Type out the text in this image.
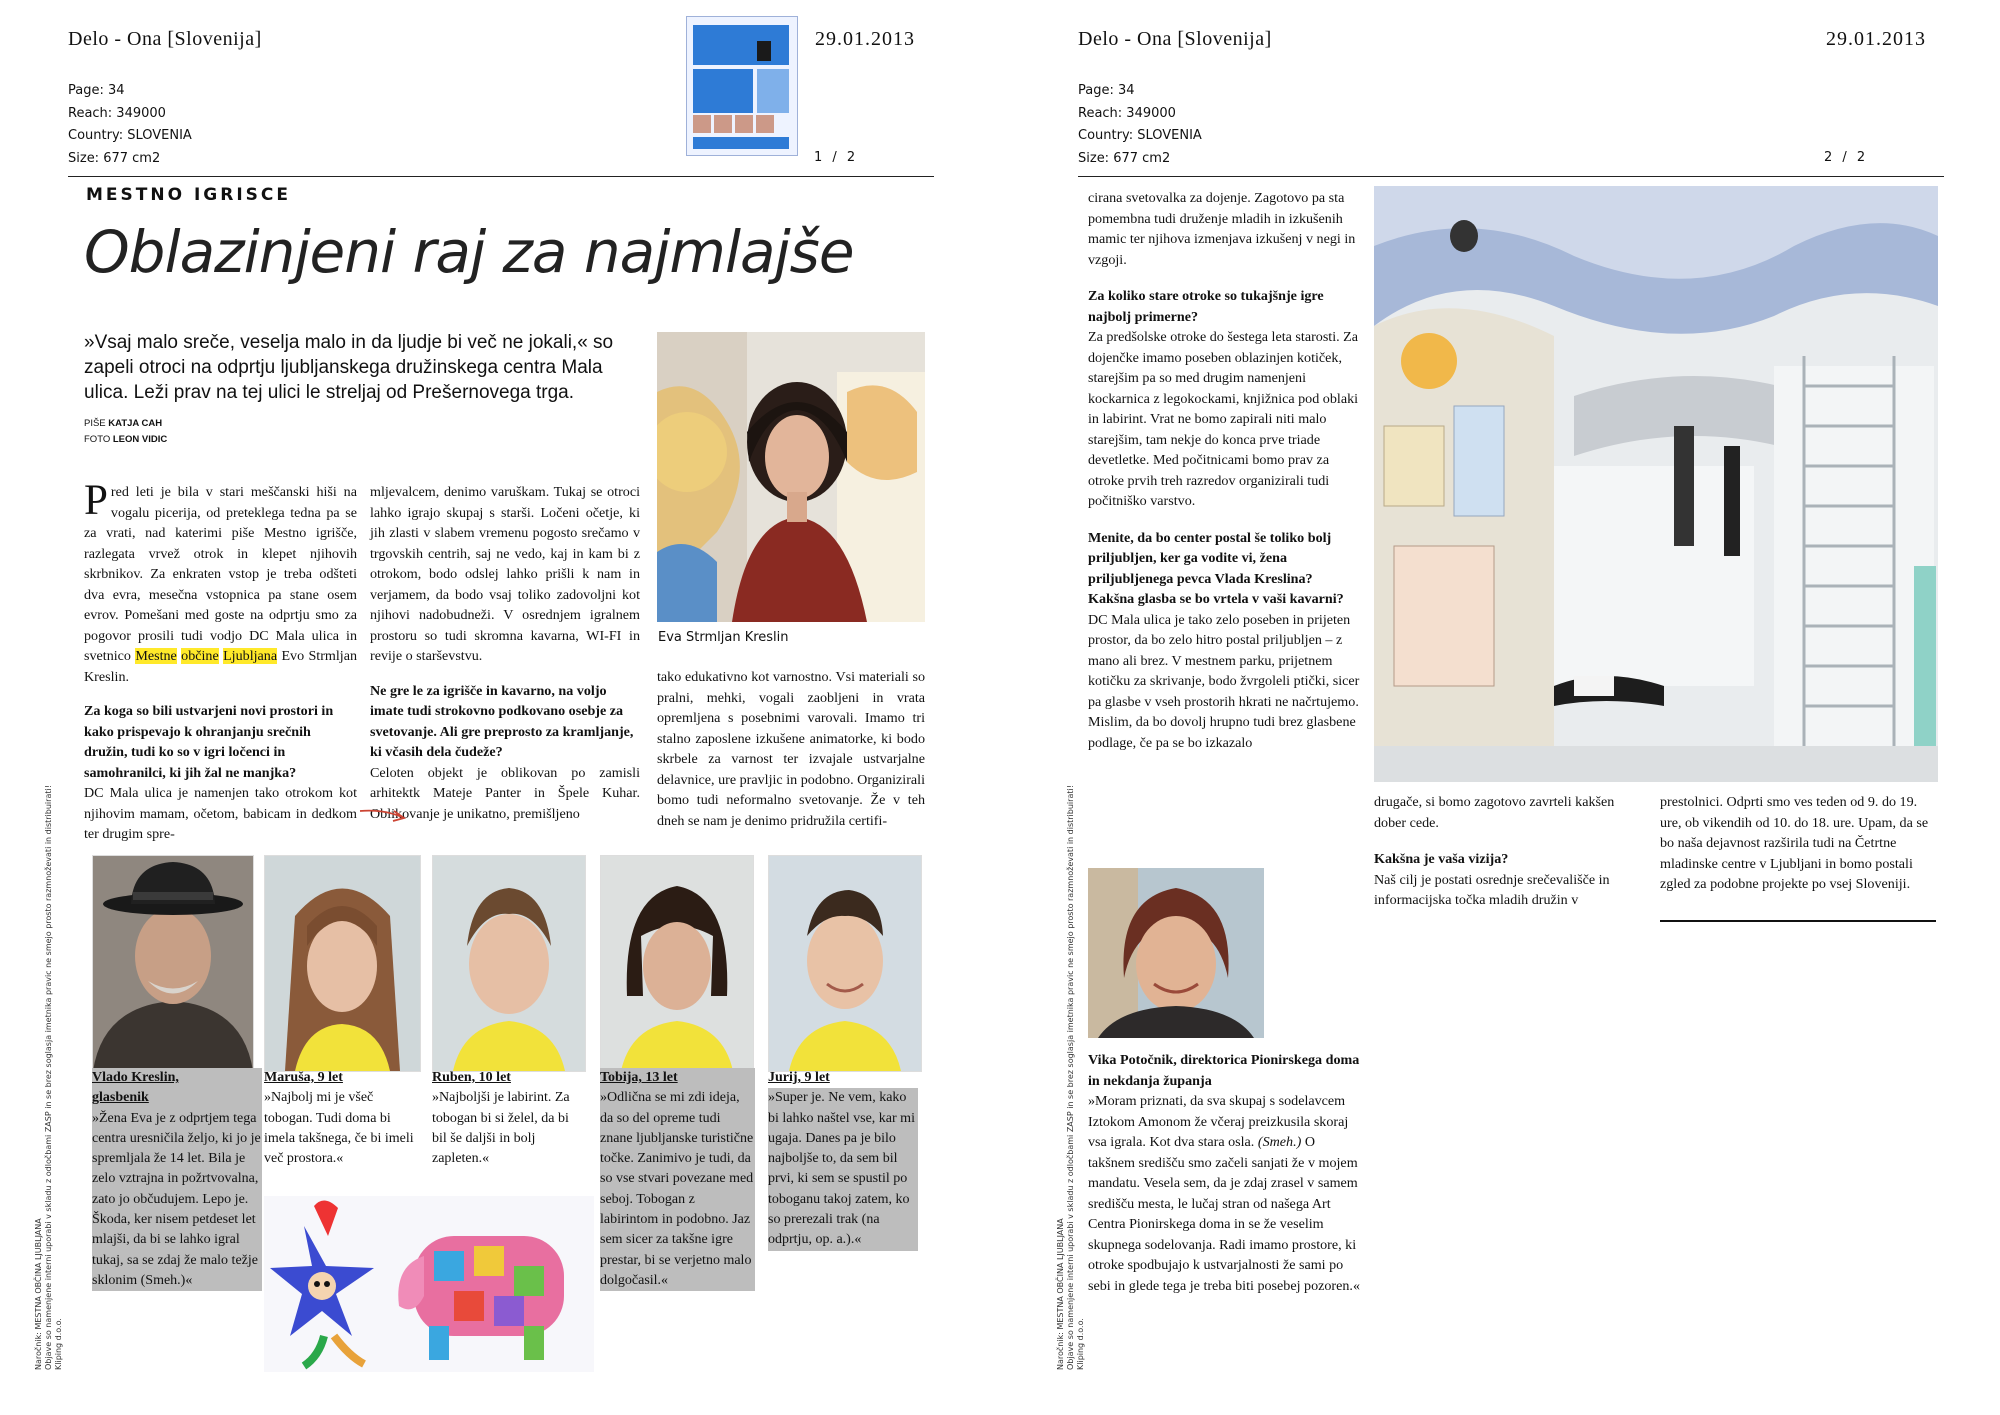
Delo - Ona [Slovenija]	29.01.2013
Page: 34
Reach: 349000
Country: SLOVENIA
Size: 677 cm2	1 / 2
MESTNO IGRISCE
Oblazinjeni raj za najmlajše
»Vsaj malo sreče, veselja malo in da ljudje bi več ne jokali,« so zapeli otroci na odprtju ljubljanskega družinskega centra Mala ulica. Leži prav na tej ulici le streljaj od Prešernovega trga.
PIŠE KATJA CAH
FOTO LEON VIDIC
Eva Strmljan Kreslin
Pred leti je bila v stari meščanski hiši na vogalu picerija, od preteklega tedna pa se za vrati, nad katerimi piše Mestno igrišče, razlegata vrvež otrok in klepet njihovih skrbnikov. Za enkraten vstop je treba odšteti dva evra, mesečna vstopnica pa stane osem evrov. Pomešani med goste na odprtju smo za pogovor prosili tudi vodjo DC Mala ulica in svetnico Mestne občine Ljubljana Evo Strmljan Kreslin.
Za koga so bili ustvarjeni novi prostori in kako prispevajo k ohranjanju srečnih družin, tudi ko so v igri ločenci in samohranilci, ki jih žal ne manjka?
DC Mala ulica je namenjen tako otrokom kot njihovim mamam, očetom, babicam in dedkom ter drugim spre-
mljevalcem, denimo varuškam. Tukaj se otroci lahko igrajo skupaj s starši. Ločeni očetje, ki jih zlasti v slabem vremenu pogosto srečamo v trgovskih centrih, saj ne vedo, kaj in kam bi z otrokom, bodo odslej lahko prišli k nam in verjamem, da bodo vsaj toliko zadovoljni kot njihovi nadobudneži. V osrednjem igralnem prostoru so tudi skromna kavarna, WI-FI in revije o starševstvu.
Ne gre le za igrišče in kavarno, na voljo imate tudi strokovno podkovano osebje za svetovanje. Ali gre preprosto za kramljanje, ki včasih dela čudeže?
Celoten objekt je oblikovan po zamisli arhitektk Mateje Panter in Špele Kuhar. Oblikovanje je unikatno, premišljeno
tako edukativno kot varnostno. Vsi materiali so pralni, mehki, vogali zaobljeni in vrata opremljena s posebnimi varovali. Imamo tri stalno zaposlene izkušene animatorke, ki bodo skrbele za varnost ter izvajale ustvarjalne delavnice, ure pravljic in podobno. Organizirali bomo tudi neformalno svetovanje. Že v teh dneh se nam je denimo pridružila certifi-
Vlado Kreslin,
glasbenik
»Žena Eva je z odprtjem tega centra uresničila željo, ki jo je spremljala že 14 let. Bila je zelo vztrajna in požrtvovalna, zato jo občudujem. Lepo je. Škoda, ker nisem petdeset let mlajši, da bi se lahko igral tukaj, sa se zdaj že malo težje sklonim (Smeh.)«
Maruša, 9 let
»Najbolj mi je všeč tobogan. Tudi doma bi imela takšnega, če bi imeli več prostora.«
Ruben, 10 let
»Najboljši je labirint. Za tobogan bi si želel, da bi bil še daljši in bolj zapleten.«
Tobija, 13 let
»Odlična se mi zdi ideja, da so del opreme tudi znane ljubljanske turistične točke. Zanimivo je tudi, da so vse stvari povezane med seboj. Tobogan z labirintom in podobno. Jaz sem sicer za takšne igre prestar, bi se verjetno malo dolgočasil.«
Jurij, 9 let
»Super je. Ne vem, kako bi lahko naštel vse, kar mi ugaja. Danes pa je bilo najboljše to, da sem bil prvi, ki sem se spustil po toboganu takoj zatem, ko so prerezali trak (na odprtju, op. a.).«
Naročnik: MESTNA OBČINA LJUBLJANA Objave so namenjene interni uporabi v skladu z odločbami ZASP in se brez soglasja imetnika pravic ne smejo prosto razmnoževati in distribuirati! Kliping d.o.o.
Delo - Ona [Slovenija]	29.01.2013
Page: 34
Reach: 349000
Country: SLOVENIA
Size: 677 cm2	2 / 2
cirana svetovalka za dojenje. Zagotovo pa sta pomembna tudi druženje mladih in izkušenih mamic ter njihova izmenjava izkušenj v negi in vzgoji.
Za koliko stare otroke so tukajšnje igre najbolj primerne?
Za predšolske otroke do šestega leta starosti. Za dojenčke imamo poseben oblazinjen kotiček, starejšim pa so med drugim namenjeni kockarnica z legokockami, knjižnica pod oblaki in labirint. Vrat ne bomo zapirali niti malo starejšim, tam nekje do konca prve triade devetletke. Med počitnicami bomo prav za otroke prvih treh razredov organizirali tudi počitniško varstvo.
Menite, da bo center postal še toliko bolj priljubljen, ker ga vodite vi, žena priljubljenega pevca Vlada Kreslina? Kakšna glasba se bo vrtela v vaši kavarni?
DC Mala ulica je tako zelo poseben in prijeten prostor, da bo zelo hitro postal priljubljen – z mano ali brez. V mestnem parku, prijetnem kotičku za skrivanje, bodo žvrgoleli ptički, sicer pa glasbe v vseh prostorih hkrati ne načrtujemo. Mislim, da bo dovolj hrupno tudi brez glasbene podlage, če pa se bo izkazalo
drugače, si bomo zagotovo zavrteli kakšen dober cede.
Kakšna je vaša vizija?
Naš cilj je postati osrednje srečevališče in informacijska točka mladih družin v
prestolnici. Odprti smo ves teden od 9. do 19. ure, ob vikendih od 10. do 18. ure. Upam, da se bo naša dejavnost razširila tudi na Četrtne mladinske centre v Ljubljani in bomo postali zgled za podobne projekte po vsej Sloveniji.
Vika Potočnik, direktorica Pionirskega doma in nekdanja županja
»Moram priznati, da sva skupaj s sodelavcem Iztokom Amonom že včeraj preizkusila skoraj vsa igrala. Kot dva stara osla. (Smeh.) O takšnem središču smo začeli sanjati že v mojem mandatu. Vesela sem, da je zdaj zrasel v samem središču mesta, le lučaj stran od našega Art Centra Pionirskega doma in se že veselim skupnega sodelovanja. Radi imamo prostore, ki otroke spodbujajo k ustvarjalnosti že sami po sebi in glede tega je treba biti posebej pozoren.«
Naročnik: MESTNA OBČINA LJUBLJANA Objave so namenjene interni uporabi v skladu z odločbami ZASP in se brez soglasja imetnika pravic ne smejo prosto razmnoževati in distribuirati! Kliping d.o.o.
